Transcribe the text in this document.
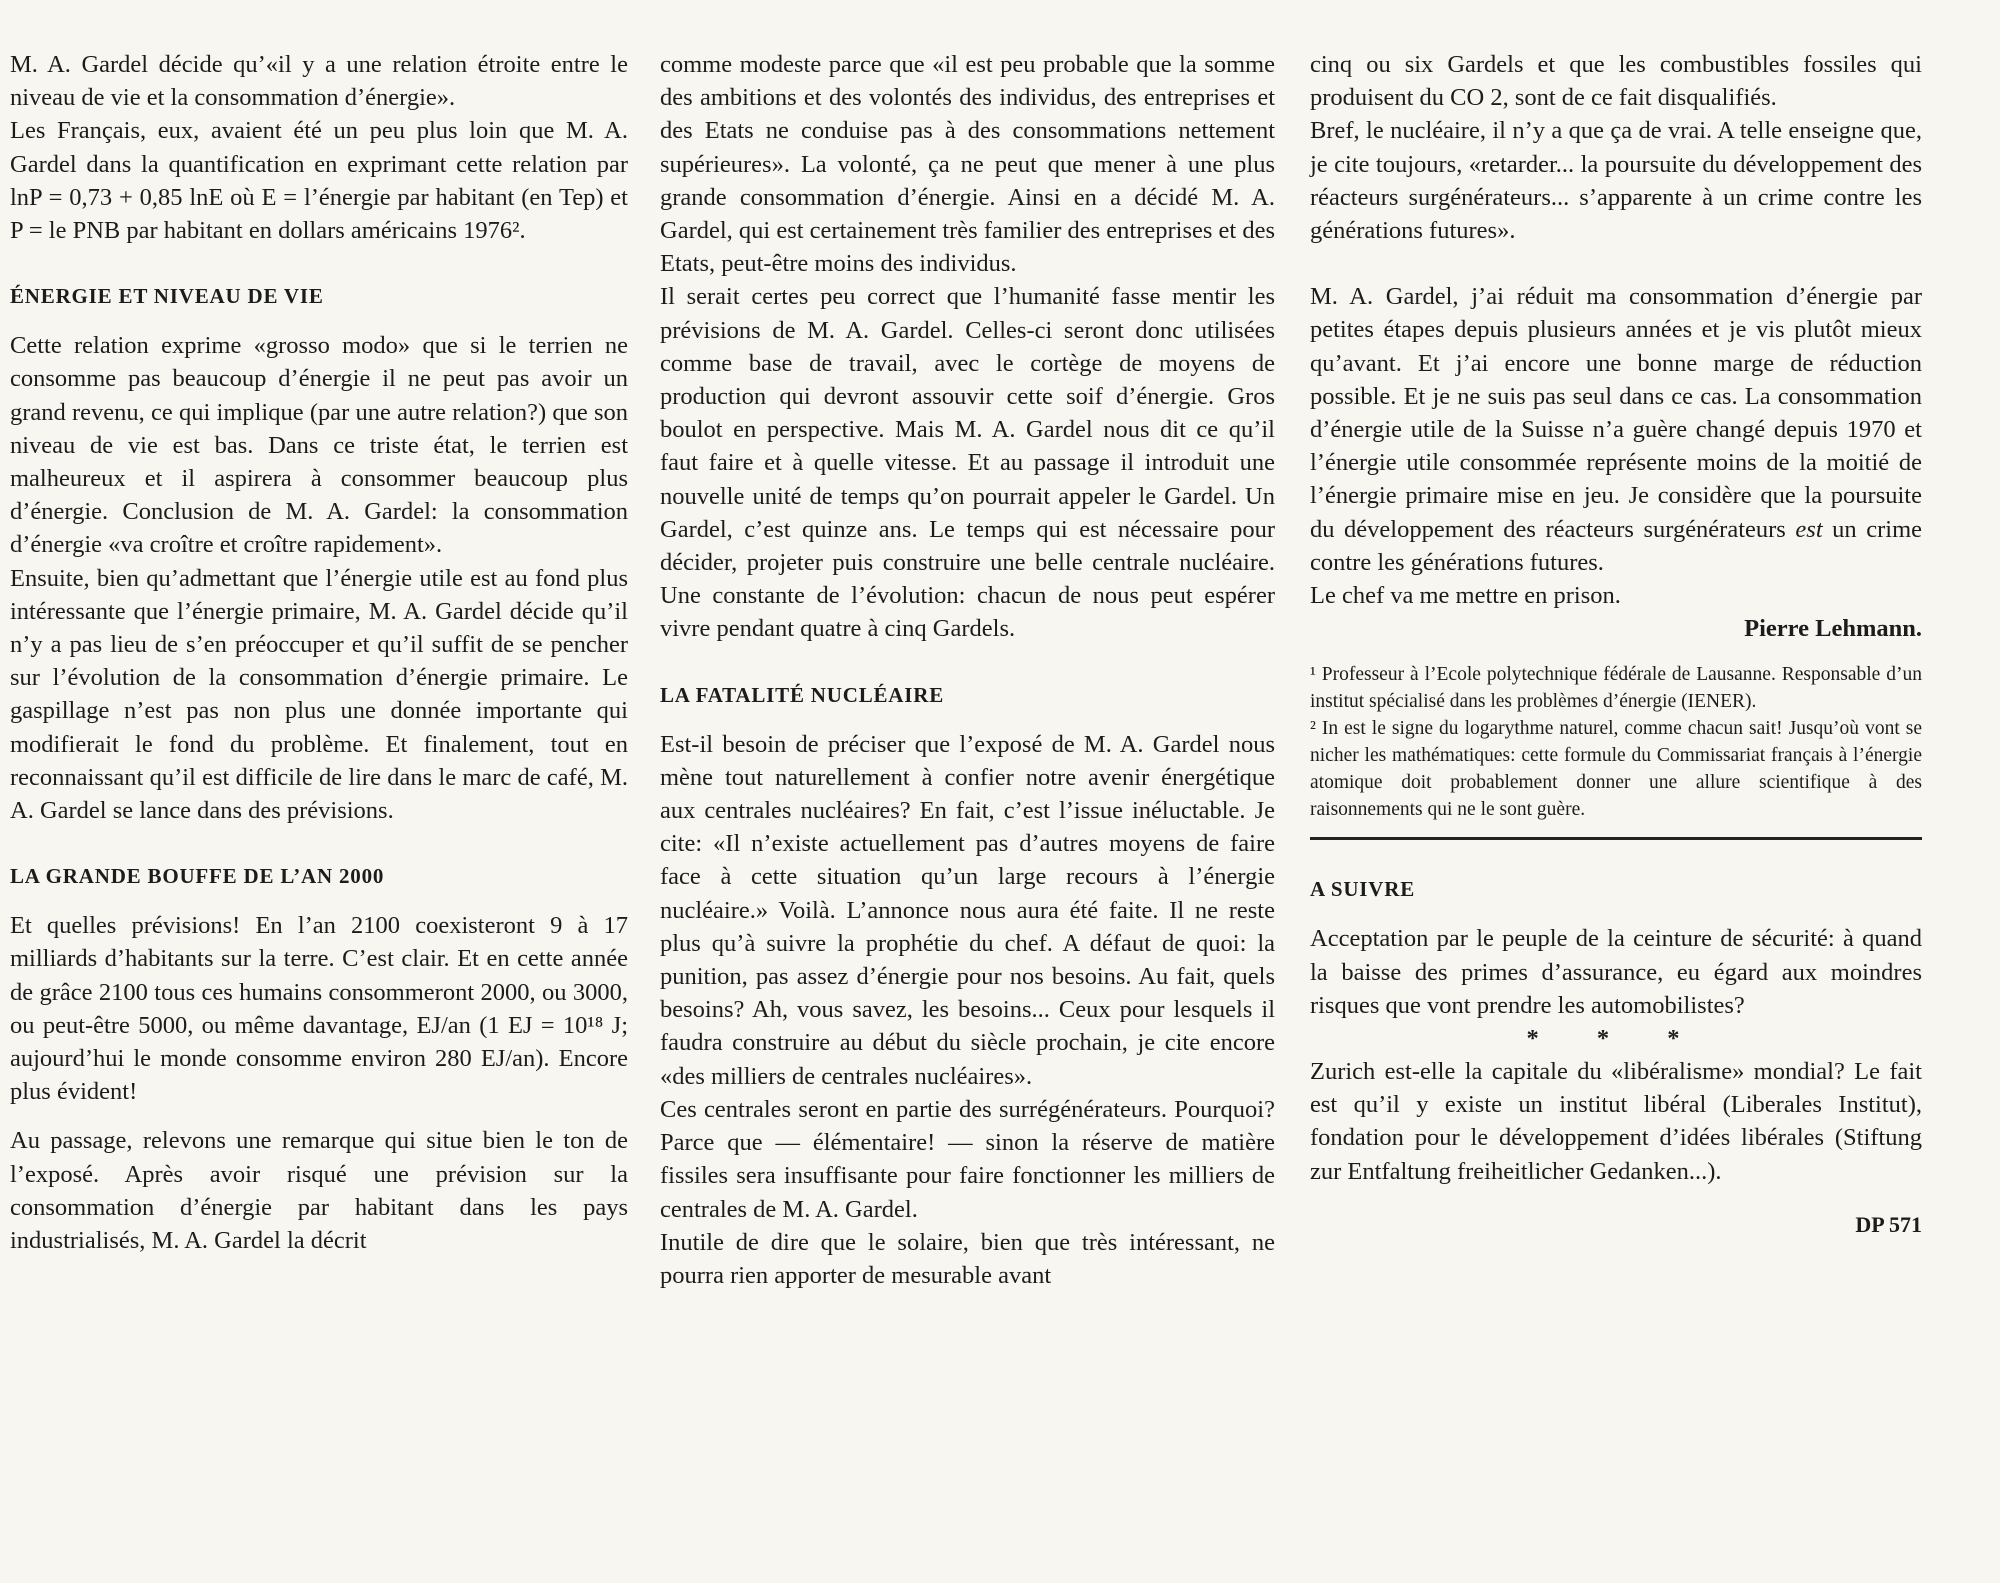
M. A. Gardel décide qu’«il y a une relation étroite entre le niveau de vie et la consommation d’énergie».

Les Français, eux, avaient été un peu plus loin que M. A. Gardel dans la quantification en exprimant cette relation par lnP = 0,73 + 0,85 lnE où E = l’énergie par habitant (en Tep) et P = le PNB par habitant en dollars américains 1976².

ÉNERGIE ET NIVEAU DE VIE

Cette relation exprime «grosso modo» que si le terrien ne consomme pas beaucoup d’énergie il ne peut pas avoir un grand revenu, ce qui implique (par une autre relation?) que son niveau de vie est bas. Dans ce triste état, le terrien est malheureux et il aspirera à consommer beaucoup plus d’énergie. Conclusion de M. A. Gardel: la consommation d’énergie «va croître et croître rapidement».

Ensuite, bien qu’admettant que l’énergie utile est au fond plus intéressante que l’énergie primaire, M. A. Gardel décide qu’il n’y a pas lieu de s’en préoccuper et qu’il suffit de se pencher sur l’évolution de la consommation d’énergie primaire. Le gaspillage n’est pas non plus une donnée importante qui modifierait le fond du problème. Et finalement, tout en reconnaissant qu’il est difficile de lire dans le marc de café, M. A. Gardel se lance dans des prévisions.

LA GRANDE BOUFFE DE L’AN 2000

Et quelles prévisions! En l’an 2100 coexisteront 9 à 17 milliards d’habitants sur la terre. C’est clair. Et en cette année de grâce 2100 tous ces humains consommeront 2000, ou 3000, ou peut-être 5000, ou même davantage, EJ/an (1 EJ = 10¹⁸ J; aujourd’hui le monde consomme environ 280 EJ/an). Encore plus évident!

Au passage, relevons une remarque qui situe bien le ton de l’exposé. Après avoir risqué une prévision sur la consommation d’énergie par habitant dans les pays industrialisés, M. A. Gardel la décrit

comme modeste parce que «il est peu probable que la somme des ambitions et des volontés des individus, des entreprises et des Etats ne conduise pas à des consommations nettement supérieures». La volonté, ça ne peut que mener à une plus grande consommation d’énergie. Ainsi en a décidé M. A. Gardel, qui est certainement très familier des entreprises et des Etats, peut-être moins des individus.

Il serait certes peu correct que l’humanité fasse mentir les prévisions de M. A. Gardel. Celles-ci seront donc utilisées comme base de travail, avec le cortège de moyens de production qui devront assouvir cette soif d’énergie. Gros boulot en perspective. Mais M. A. Gardel nous dit ce qu’il faut faire et à quelle vitesse. Et au passage il introduit une nouvelle unité de temps qu’on pourrait appeler le Gardel. Un Gardel, c’est quinze ans. Le temps qui est nécessaire pour décider, projeter puis construire une belle centrale nucléaire. Une constante de l’évolution: chacun de nous peut espérer vivre pendant quatre à cinq Gardels.

LA FATALITÉ NUCLÉAIRE

Est-il besoin de préciser que l’exposé de M. A. Gardel nous mène tout naturellement à confier notre avenir énergétique aux centrales nucléaires? En fait, c’est l’issue inéluctable. Je cite: «Il n’existe actuellement pas d’autres moyens de faire face à cette situation qu’un large recours à l’énergie nucléaire.» Voilà. L’annonce nous aura été faite. Il ne reste plus qu’à suivre la prophétie du chef. A défaut de quoi: la punition, pas assez d’énergie pour nos besoins. Au fait, quels besoins? Ah, vous savez, les besoins... Ceux pour lesquels il faudra construire au début du siècle prochain, je cite encore «des milliers de centrales nucléaires».

Ces centrales seront en partie des surrégénérateurs. Pourquoi? Parce que — élémentaire! — sinon la réserve de matière fissiles sera insuffisante pour faire fonctionner les milliers de centrales de M. A. Gardel.

Inutile de dire que le solaire, bien que très intéressant, ne pourra rien apporter de mesurable avant

cinq ou six Gardels et que les combustibles fossiles qui produisent du CO 2, sont de ce fait disqualifiés.

Bref, le nucléaire, il n’y a que ça de vrai. A telle enseigne que, je cite toujours, «retarder... la poursuite du développement des réacteurs surgénérateurs... s’apparente à un crime contre les générations futures».

M. A. Gardel, j’ai réduit ma consommation d’énergie par petites étapes depuis plusieurs années et je vis plutôt mieux qu’avant. Et j’ai encore une bonne marge de réduction possible. Et je ne suis pas seul dans ce cas. La consommation d’énergie utile de la Suisse n’a guère changé depuis 1970 et l’énergie utile consommée représente moins de la moitié de l’énergie primaire mise en jeu. Je considère que la poursuite du développement des réacteurs surgénérateurs est un crime contre les générations futures.

Le chef va me mettre en prison.

Pierre Lehmann.

¹ Professeur à l’Ecole polytechnique fédérale de Lausanne. Responsable d’un institut spécialisé dans les problèmes d’énergie (IENER).

² In est le signe du logarythme naturel, comme chacun sait! Jusqu’où vont se nicher les mathématiques: cette formule du Commissariat français à l’énergie atomique doit probablement donner une allure scientifique à des raisonnements qui ne le sont guère.

A SUIVRE

Acceptation par le peuple de la ceinture de sécurité: à quand la baisse des primes d’assurance, eu égard aux moindres risques que vont prendre les automobilistes?

* * *

Zurich est-elle la capitale du «libéralisme» mondial? Le fait est qu’il y existe un institut libéral (Liberales Institut), fondation pour le développement d’idées libérales (Stiftung zur Entfaltung freiheitlicher Gedanken...).

DP 571
